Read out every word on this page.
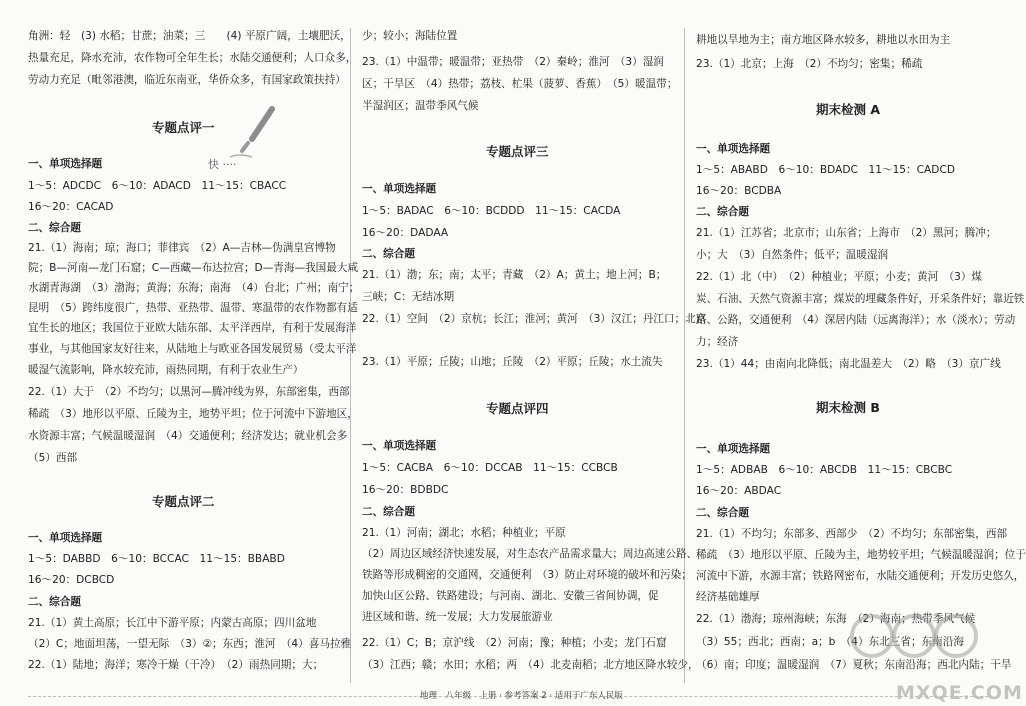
角洲：轻　(3) 水稻；甘蔗；油菜；三　　(4) 平原广阔，土壤肥沃，
热量充足，降水充沛，农作物可全年生长；水陆交通便利；人口众多，
劳动力充足（毗邻港澳，临近东南亚，华侨众多，有国家政策扶持）
专题点评一
一、单项选择题
1～5：ADCDC　6～10：ADACD　11～15：CBACC
16～20：CACAD
二、综合题
21.（1）海南；琼；海口；菲律宾　（2）A—吉林—伪满皇宫博物
院；B—河南—龙门石窟；C—西藏—布达拉宫；D—青海—我国最大咸
水湖青海湖　（3）渤海；黄海；东海；南海　（4）台北；广州；南宁；
昆明　（5）跨纬度很广，热带、亚热带、温带、寒温带的农作物都有适
宜生长的地区；我国位于亚欧大陆东部、太平洋西岸，有利于发展海洋
事业，与其他国家友好往来，从陆地上与欧亚各国发展贸易（受太平洋
暖湿气流影响，降水较充沛，雨热同期，有利于农业生产）
22.（1）大于　（2）不均匀；以黑河—腾冲线为界，东部密集，西部
稀疏　（3）地形以平原、丘陵为主，地势平坦；位于河流中下游地区，
水资源丰富；气候温暖湿润　（4）交通便利；经济发达；就业机会多
（5）西部
专题点评二
一、单项选择题
1～5：DABBD　6～10：BCCAC　11～15：BBABD
16～20：DCBCD
二、综合题
21.（1）黄土高原；长江中下游平原；内蒙古高原；四川盆地
（2）C；地面坦荡，一望无际　（3）②；东西；淮河　（4）喜马拉雅
22.（1）陆地；海洋；寒冷干燥（干冷）　（2）雨热同期；大；
少；较小；海陆位置
23.（1）中温带；暖温带；亚热带　（2）秦岭；淮河　（3）湿润
区；干旱区　（4）热带；荔枝、杧果（菠萝、香蕉）　（5）暖温带；
半湿润区；温带季风气候
专题点评三
一、单项选择题
1～5：BADAC　6～10：BCDDD　11～15：CACDA
16～20：DADAA
二、综合题
21.（1）渤；东；南；太平；青藏　（2）A；黄土；地上河；B；
三峡；C：无结冰期
22.（1）空间　（2）京杭；长江；淮河；黄河　（3）汉江；丹江口；北京
23.（1）平原；丘陵；山地；丘陵　（2）平原；丘陵；水土流失
专题点评四
一、单项选择题
1～5：CACBA　6～10：DCCAB　11～15：CCBCB
16～20：BDBDC
二、综合题
21.（1）河南；湖北；水稻；种植业；平原
（2）周边区域经济快速发展，对生态农产品需求量大；周边高速公路、
铁路等形成稠密的交通网，交通便利　（3）防止对环境的破坏和污染；
加快山区公路、铁路建设；与河南、湖北、安徽三省间协调，促
进区域和谐、统一发展；大力发展旅游业
22.（1）C；B；京沪线　（2）河南；豫；种植；小麦；龙门石窟
（3）江西；赣；水田；水稻；两　（4）北麦南稻；北方地区降水较少，
耕地以旱地为主；南方地区降水较多，耕地以水田为主
23.（1）北京；上海　（2）不均匀；密集；稀疏
期末检测 A
一、单项选择题
1～5：ABABD　6～10：BDADC　11～15：CADCD
16～20：BCDBA
二、综合题
21.（1）江苏省；北京市；山东省；上海市　（2）黑河；腾冲；
小；大　（3）自然条件；低平；温暖湿润
22.（1）北（中）　（2）种植业；平原；小麦；黄河　（3）煤
炭、石油、天然气资源丰富；煤炭的埋藏条件好，开采条件好；靠近铁
路、公路，交通便利　（4）深居内陆（远离海洋）；水（淡水）；劳动
力；经济
23.（1）44；由南向北降低；南北温差大　（2）略　（3）京广线
期末检测 B
一、单项选择题
1～5：ADBAB　6～10：ABCDB　11～15：CBCBC
16～20：ABDAC
二、综合题
21.（1）不均匀；东部多、西部少　（2）不均匀；东部密集，西部
稀疏　（3）地形以平原、丘陵为主，地势较平坦；气候温暖湿润；位于
河流中下游，水源丰富；铁路网密布，水陆交通便利；开发历史悠久，
经济基础雄厚
22.（1）渤海；琼州海峡；东海　（2）海南；热带季风气候
（3）55；西北；西南；a；b　（4）东北三省；东南沿海
（6）南；印度；温暖湿润　（7）夏秋；东南沿海；西北内陆；干旱
快 ····
MXQE.COM
地理　八年级　上册 · 参考答案 2 · 适用于广东人民版
